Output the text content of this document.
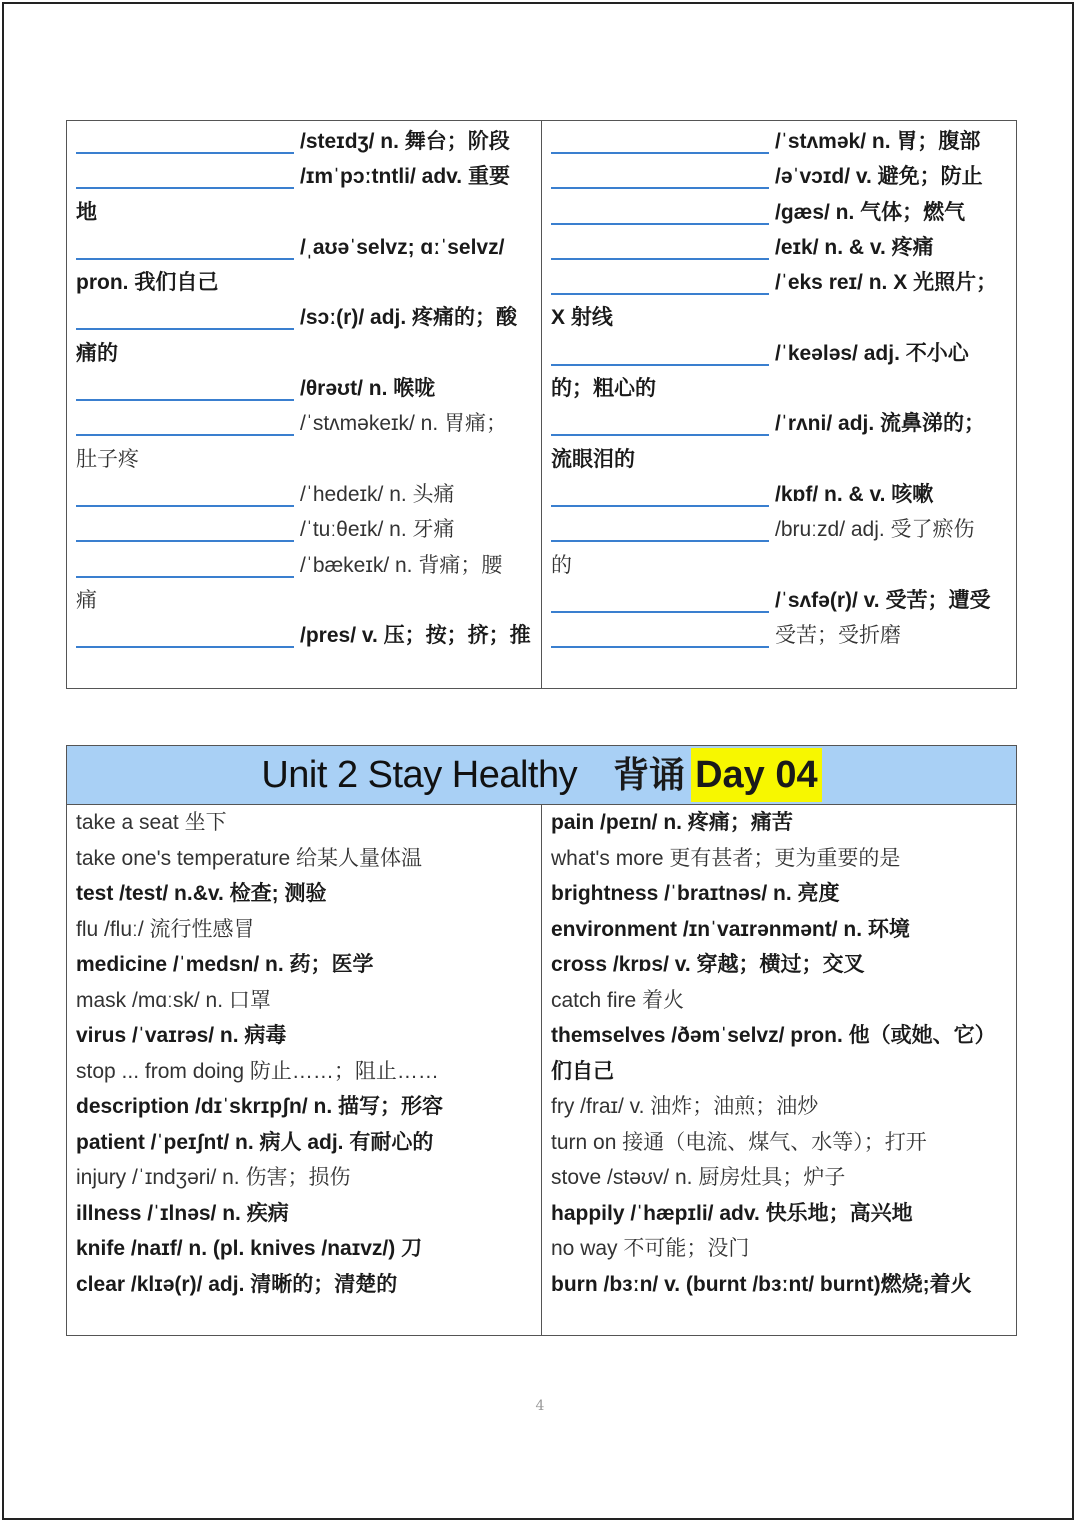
/steɪdʒ/ n. 舞台；阶段
/ɪmˈpɔːtntli/ adv. 重要
地
/ˌaʊəˈselvz; ɑːˈselvz/
pron. 我们自己
/sɔː(r)/ adj. 疼痛的；酸
痛的
/θrəʊt/ n. 喉咙
/ˈstʌməkeɪk/ n. 胃痛；
肚子疼
/ˈhedeɪk/ n. 头痛
/ˈtuːθeɪk/ n. 牙痛
/ˈbækeɪk/ n. 背痛；腰
痛
/pres/ v. 压；按；挤；推
/ˈstʌmək/ n. 胃；腹部
/əˈvɔɪd/ v. 避免；防止
/ɡæs/ n. 气体；燃气
/eɪk/ n. & v. 疼痛
/ˈeks reɪ/ n. X 光照片；
X 射线
/ˈkeələs/ adj. 不小心
的；粗心的
/ˈrʌni/ adj. 流鼻涕的；
流眼泪的
/kɒf/ n. & v. 咳嗽
/bruːzd/ adj. 受了瘀伤
的
/ˈsʌfə(r)/ v. 受苦；遭受
受苦；受折磨
Unit 2 Stay Healthy 背诵 Day 04
take a seat 坐下
take one's temperature 给某人量体温
test /test/ n.&v. 检查; 测验
flu /fluː/ 流行性感冒
medicine /ˈmedsn/ n. 药；医学
mask /mɑːsk/ n. 口罩
virus /ˈvaɪrəs/ n. 病毒
stop ... from doing 防止……；阻止……
description /dɪˈskrɪpʃn/ n. 描写；形容
patient /ˈpeɪʃnt/ n. 病人 adj. 有耐心的
injury /ˈɪndʒəri/ n. 伤害；损伤
illness /ˈɪlnəs/ n. 疾病
knife /naɪf/ n. (pl. knives /naɪvz/) 刀
clear /klɪə(r)/ adj. 清晰的；清楚的
pain /peɪn/ n. 疼痛；痛苦
what's more 更有甚者；更为重要的是
brightness /ˈbraɪtnəs/ n. 亮度
environment /ɪnˈvaɪrənmənt/ n. 环境
cross /krɒs/ v. 穿越；横过；交叉
catch fire 着火
themselves /ðəmˈselvz/ pron. 他（或她、它）
们自己
fry /fraɪ/ v. 油炸；油煎；油炒
turn on 接通（电流、煤气、水等）；打开
stove /stəʊv/ n. 厨房灶具；炉子
happily /ˈhæpɪli/ adv. 快乐地；高兴地
no way 不可能；没门
burn /bɜːn/ v. (burnt /bɜːnt/ burnt)燃烧;着火
4
